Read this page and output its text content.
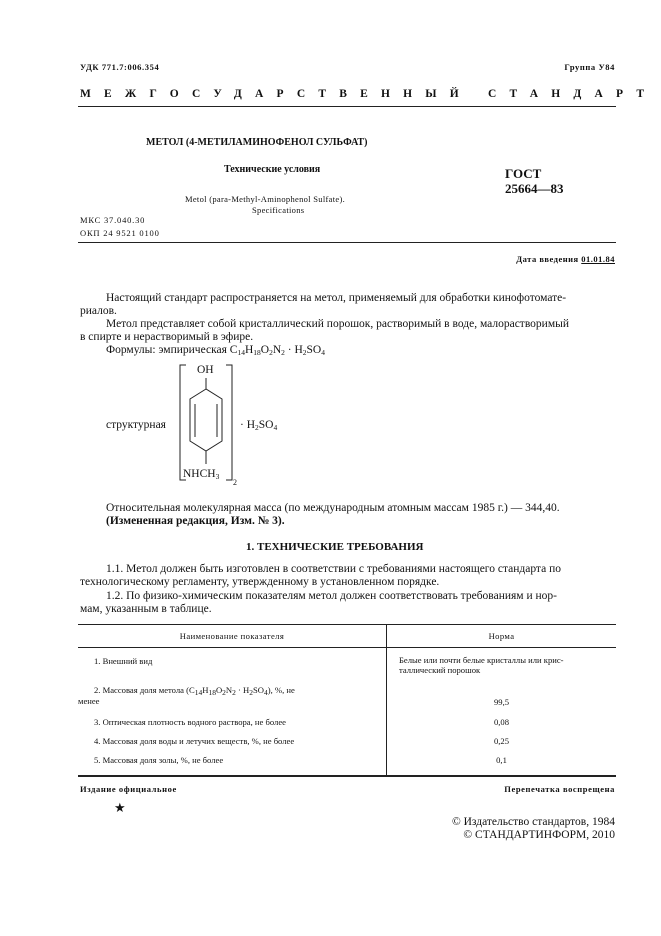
УДК 771.7:006.354	Группа У84
МЕЖГОСУДАРСТВЕННЫЙ СТАНДАРТ
МЕТОЛ (4-МЕТИЛАМИНОФЕНОЛ СУЛЬФАТ)
Технические условия
Metol (para-Methyl-Aminophenol Sulfate).
Specifications
ГОСТ
25664—83
МКС 37.040.30
ОКП 24 9521 0100
Дата введения 01.01.84
Настоящий стандарт распространяется на метол, применяемый для обработки кинофотомате-
риалов.
Метол представляет собой кристаллический порошок, растворимый в воде, малорастворимый
в спирте и нерастворимый в эфире.
Формулы: эмпирическая $C_{14}H_{18}O_2N_2 \cdot H_2SO_4$
структурная
OH
$NHCH_3$
2
· $H_2SO_4$
Относительная молекулярная масса (по международным атомным массам 1985 г.) — 344,40.
(Измененная редакция, Изм. № 3).
1. ТЕХНИЧЕСКИЕ ТРЕБОВАНИЯ
1.1. Метол должен быть изготовлен в соответствии с требованиями настоящего стандарта по
технологическому регламенту, утвержденному в установленном порядке.
1.2. По физико-химическим показателям метол должен соответствовать требованиям и нор-
мам, указанным в таблице.
Наименование показателя	Норма
1. Внешний вид	Белые или почти белые кристаллы или крис-
таллический порошок
2. Массовая доля метола $(C_{14}H_{18}O_2N_2 \cdot H_2SO_4)$, %, не
менее	99,5
3. Оптическая плотность водного раствора, не более	0,08
4. Массовая доля воды и летучих веществ, %, не более	0,25
5. Массовая доля золы, %, не более	0,1
Издание официальное	Перепечатка воспрещена
★
© Издательство стандартов, 1984
© СТАНДАРТИНФОРМ, 2010
